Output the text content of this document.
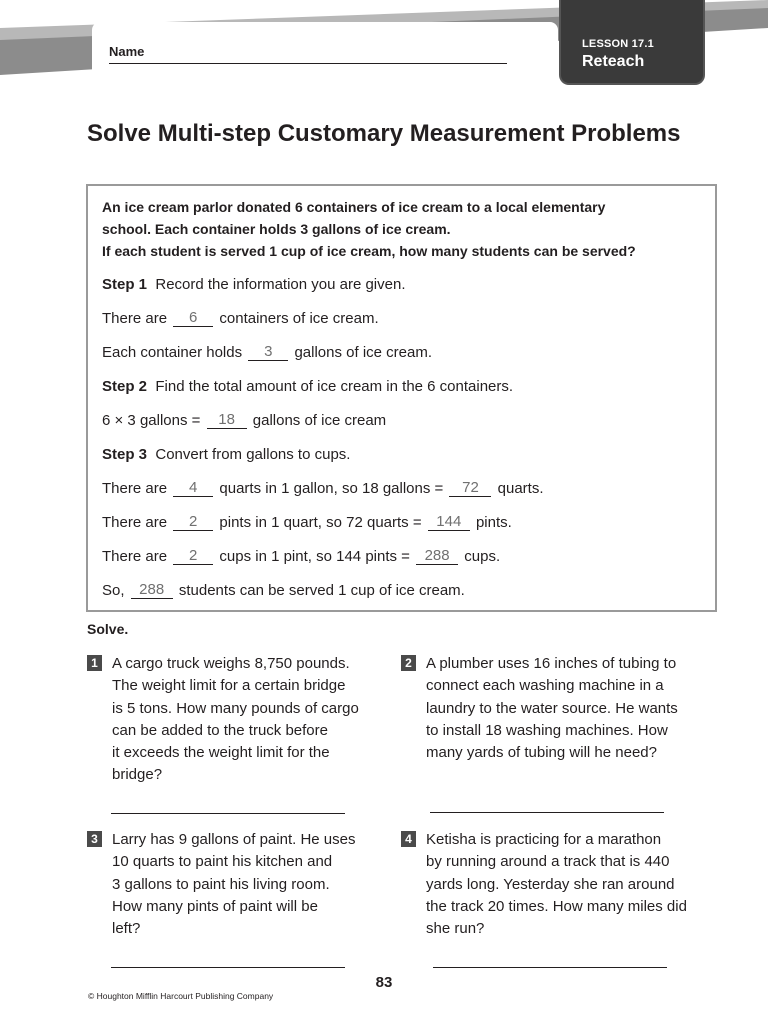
Name	LESSON 17.1
Reteach
Solve Multi-step Customary Measurement Problems

An ice cream parlor donated 6 containers of ice cream to a local elementary
school. Each container holds 3 gallons of ice cream.
If each student is served 1 cup of ice cream, how many students can be served?

Step 1 Record the information you are given.
There are 6 containers of ice cream.
Each container holds 3 gallons of ice cream.
Step 2 Find the total amount of ice cream in the 6 containers.
6 × 3 gallons = 18 gallons of ice cream
Step 3 Convert from gallons to cups.
There are 4 quarts in 1 gallon, so 18 gallons = 72 quarts.
There are 2 pints in 1 quart, so 72 quarts = 144 pints.
There are 2 cups in 1 pint, so 144 pints = 288 cups.
So, 288 students can be served 1 cup of ice cream.
Solve.
1 A cargo truck weighs 8,750 pounds.
The weight limit for a certain bridge
is 5 tons. How many pounds of cargo
can be added to the truck before
it exceeds the weight limit for the
bridge?

2 A plumber uses 16 inches of tubing to
connect each washing machine in a
laundry to the water source. He wants
to install 18 washing machines. How
many yards of tubing will he need?

3 Larry has 9 gallons of paint. He uses
10 quarts to paint his kitchen and
3 gallons to paint his living room.
How many pints of paint will be
left?

4 Ketisha is practicing for a marathon
by running around a track that is 440
yards long. Yesterday she ran around
the track 20 times. How many miles did
she run?

83
© Houghton Mifflin Harcourt Publishing Company
